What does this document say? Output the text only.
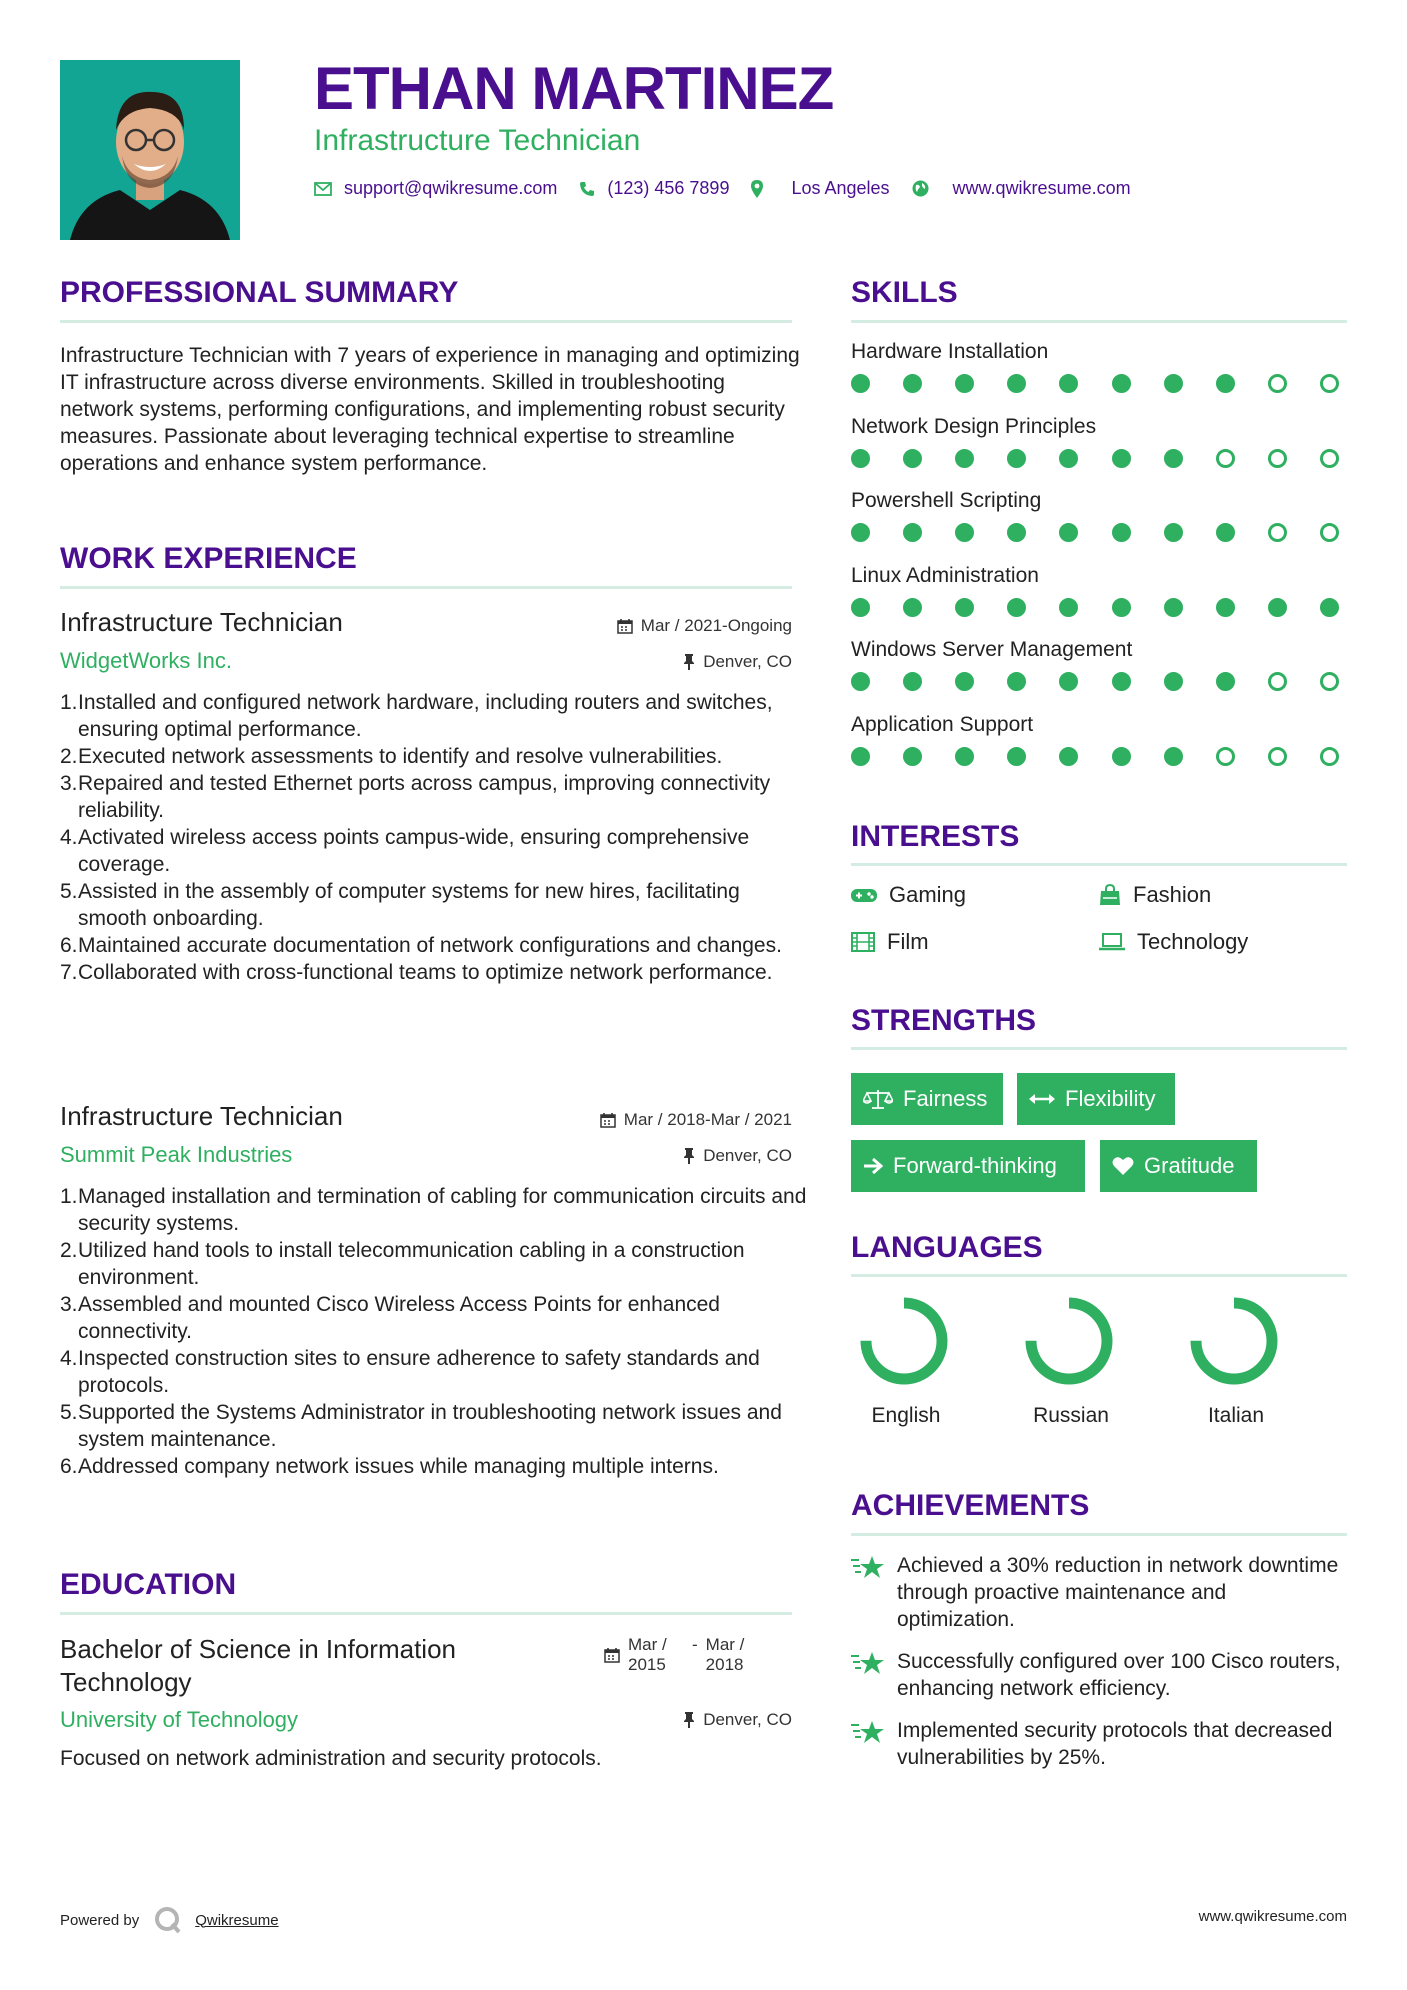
ETHAN MARTINEZ
Infrastructure Technician
support@qwikresume.com	(123) 456 7899	Los Angeles	www.qwikresume.com
PROFESSIONAL SUMMARY
Infrastructure Technician with 7 years of experience in managing and optimizing IT infrastructure across diverse environments. Skilled in troubleshooting network systems, performing configurations, and implementing robust security measures. Passionate about leveraging technical expertise to streamline operations and enhance system performance.
WORK EXPERIENCE
Infrastructure Technician	Mar / 2021-Ongoing
WidgetWorks Inc.	Denver, CO
1. Installed and configured network hardware, including routers and switches, ensuring optimal performance.
2. Executed network assessments to identify and resolve vulnerabilities.
3. Repaired and tested Ethernet ports across campus, improving connectivity reliability.
4. Activated wireless access points campus-wide, ensuring comprehensive coverage.
5. Assisted in the assembly of computer systems for new hires, facilitating smooth onboarding.
6. Maintained accurate documentation of network configurations and changes.
7. Collaborated with cross-functional teams to optimize network performance.
Infrastructure Technician	Mar / 2018-Mar / 2021
Summit Peak Industries	Denver, CO
1. Managed installation and termination of cabling for communication circuits and security systems.
2. Utilized hand tools to install telecommunication cabling in a construction environment.
3. Assembled and mounted Cisco Wireless Access Points for enhanced connectivity.
4. Inspected construction sites to ensure adherence to safety standards and protocols.
5. Supported the Systems Administrator in troubleshooting network issues and system maintenance.
6. Addressed company network issues while managing multiple interns.
EDUCATION
Bachelor of Science in Information Technology
Mar / 2015
- Mar / 2018
University of Technology	Denver, CO
Focused on network administration and security protocols.
SKILLS
Hardware Installation
Network Design Principles
Powershell Scripting
Linux Administration
Windows Server Management
Application Support
INTERESTS
Gaming	Fashion
Film	Technology
STRENGTHS
Fairness	Flexibility
Forward-thinking	Gratitude
LANGUAGES
English	Russian	Italian
ACHIEVEMENTS
Achieved a 30% reduction in network downtime through proactive maintenance and optimization.
Successfully configured over 100 Cisco routers, enhancing network efficiency.
Implemented security protocols that decreased vulnerabilities by 25%.
Powered by	Qwikresume	www.qwikresume.com
